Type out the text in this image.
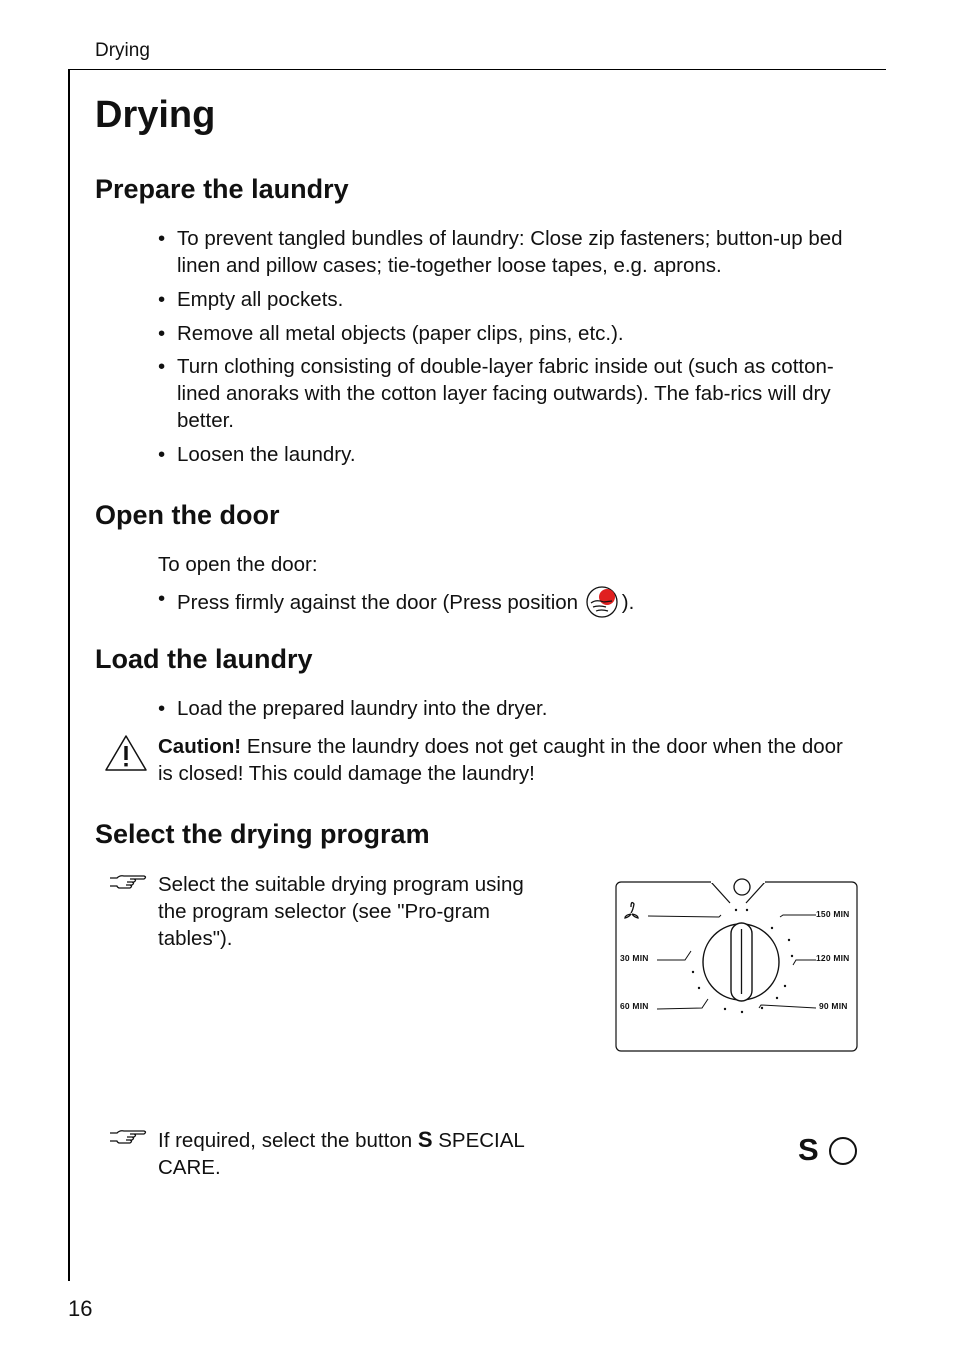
Drying
Drying
Prepare the laundry
• To prevent tangled bundles of laundry: Close zip fasteners; button-up bed linen and pillow cases; tie-together loose tapes, e.g. aprons.
• Empty all pockets.
• Remove all metal objects (paper clips, pins, etc.).
• Turn clothing consisting of double-layer fabric inside out (such as cotton-lined anoraks with the cotton layer facing outwards). The fab-rics will dry better.
• Loosen the laundry.
Open the door
To open the door:
• Press firmly against the door (Press position ).
Load the laundry
• Load the prepared laundry into the dryer.
Caution! Ensure the laundry does not get caught in the door when the door is closed! This could damage the laundry!
Select the drying program
Select the suitable drying program using the program selector (see "Pro-gram tables").
150 MIN
120 MIN
90 MIN
30 MIN
60 MIN
If required, select the button S SPECIAL CARE.
S
16
